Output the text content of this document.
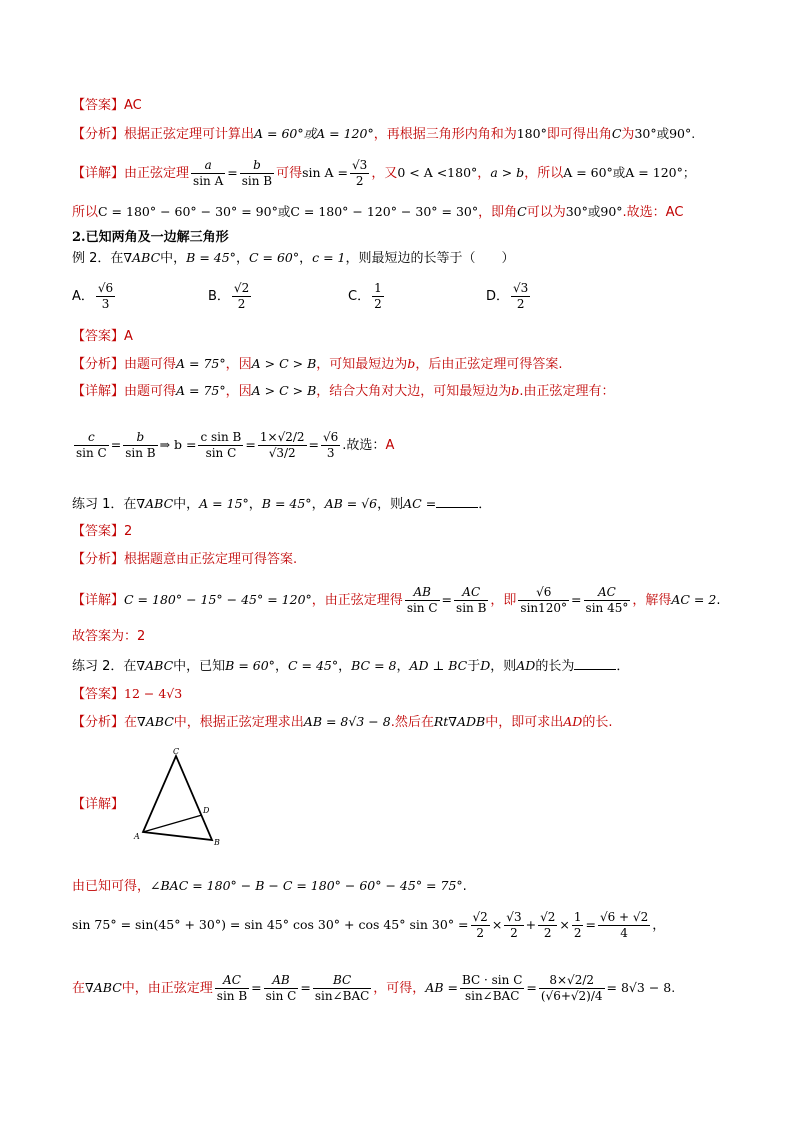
【答案】AC
【分析】根据正弦定理可计算出A = 60°或A = 120°，再根据三角形内角和为180°即可得出角C为30°或90°.
【详解】由正弦定理 $\frac{a}{\text{sin A}} = \frac{b}{\text{sin B}}$ 可得$\sin A = \frac{√3}{2}$ ，又0 < A <180°，a > b，所以A = 60°或A = 120°；
所以C = 180° − 60° − 30° = 90°或C = 180° − 120° − 30° = 30°，即角C可以为30°或90°.故选：AC
2.已知两角及一边解三角形
例 2．在∇ABC中，B = 45°，C = 60°，c = 1，则最短边的长等于（　　）
A． $\frac{√6}{3}$	B． $\frac{√2}{2}$	C． $\frac{1}{2}$	D． $\frac{√3}{2}$
【答案】A
【分析】由题可得A = 75°，因A > C > B，可知最短边为b，后由正弦定理可得答案.
【详解】由题可得A = 75°，因A > C > B，结合大角对大边，可知最短边为b.由正弦定理有：
$\frac{c}{\text{sin C}} = \frac{b}{\text{sin B}}$ ⇒ $b = \frac{\text{c sin B}}{\text{sin C}} = \frac{1\times√2/2}{√3/2} = \frac{√6}{3}$ .故选：A
练习 1．在∇ABC中，A = 15°，B = 45°，AB = √6，则AC =	．
【答案】2
【分析】根据题意由正弦定理可得答案.
【详解】C = 180° − 15° − 45° = 120°，由正弦定理得 $\frac{AB}{\text{sin C}} = \frac{AC}{\text{sin B}}$ ，即 $\frac{√6}{\sin 120^\circ} = \frac{AC}{\sin 45^\circ}$ ，解得AC = 2.
故答案为：2
练习 2．在∇ABC中，已知B = 60°，C = 45°，BC = 8，AD ⊥ BC于D，则AD的长为	．
【答案】12 − 4√3
【分析】在∇ABC中，根据正弦定理求出AB = 8√3 − 8.然后在Rt∇ADB中，即可求出AD的长.
【详解】
C
A
B
D
由已知可得，∠BAC = 180° − B − C = 180° − 60° − 45° = 75°.
sin 75° = sin(45° + 30°) = sin 45° cos 30° + cos 45° $\sin 30^\circ = \frac{√2}{2} \times \frac{√3}{2} + \frac{√2}{2} \times \frac{1}{2} = \frac{√6 + √2}{4}$ ，
在∇ABC中，由正弦定理 $\frac{AC}{\text{sin B}} = \frac{AB}{\text{sin C}} = \frac{BC}{\text{sin∠BAC}}$ ，可得，AB = $\frac{\text{BC · sin C}}{\text{sin∠BAC}} = \frac{8\times√2/2}{(√6+√2)/4} = 8√3 - 8$.
